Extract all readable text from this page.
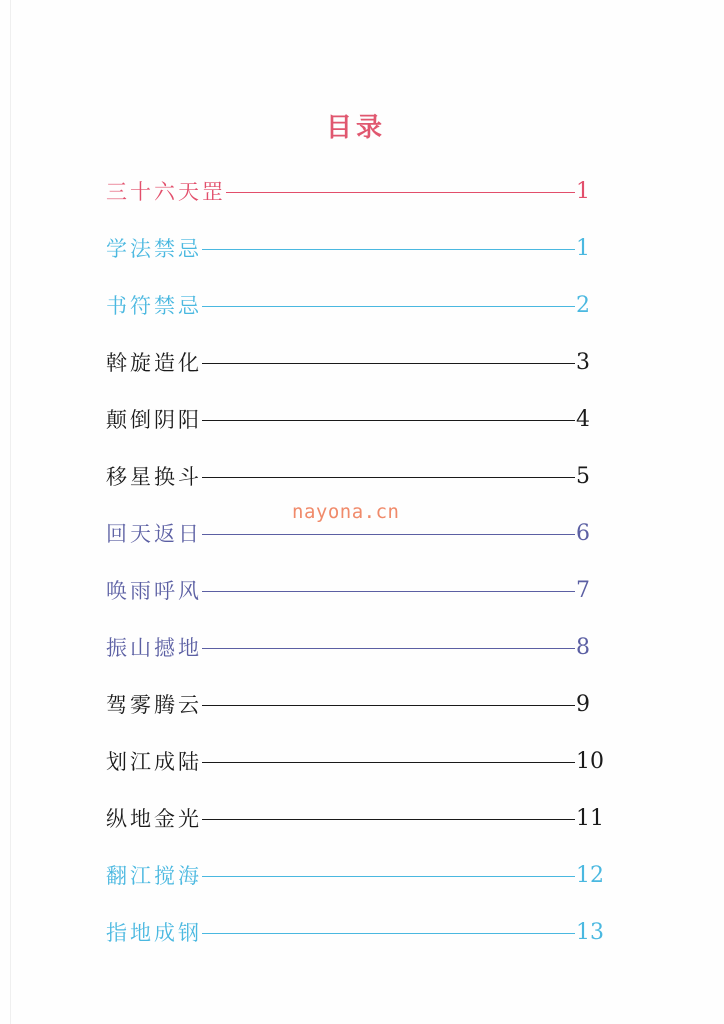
目录
三十六天罡	1
学法禁忌	1
书符禁忌	2
斡旋造化	3
颠倒阴阳	4
移星换斗	5
回天返日	6
唤雨呼风	7
振山撼地	8
驾雾腾云	9
划江成陆	10
纵地金光	11
翻江搅海	12
指地成钢	13
nayona.cn
